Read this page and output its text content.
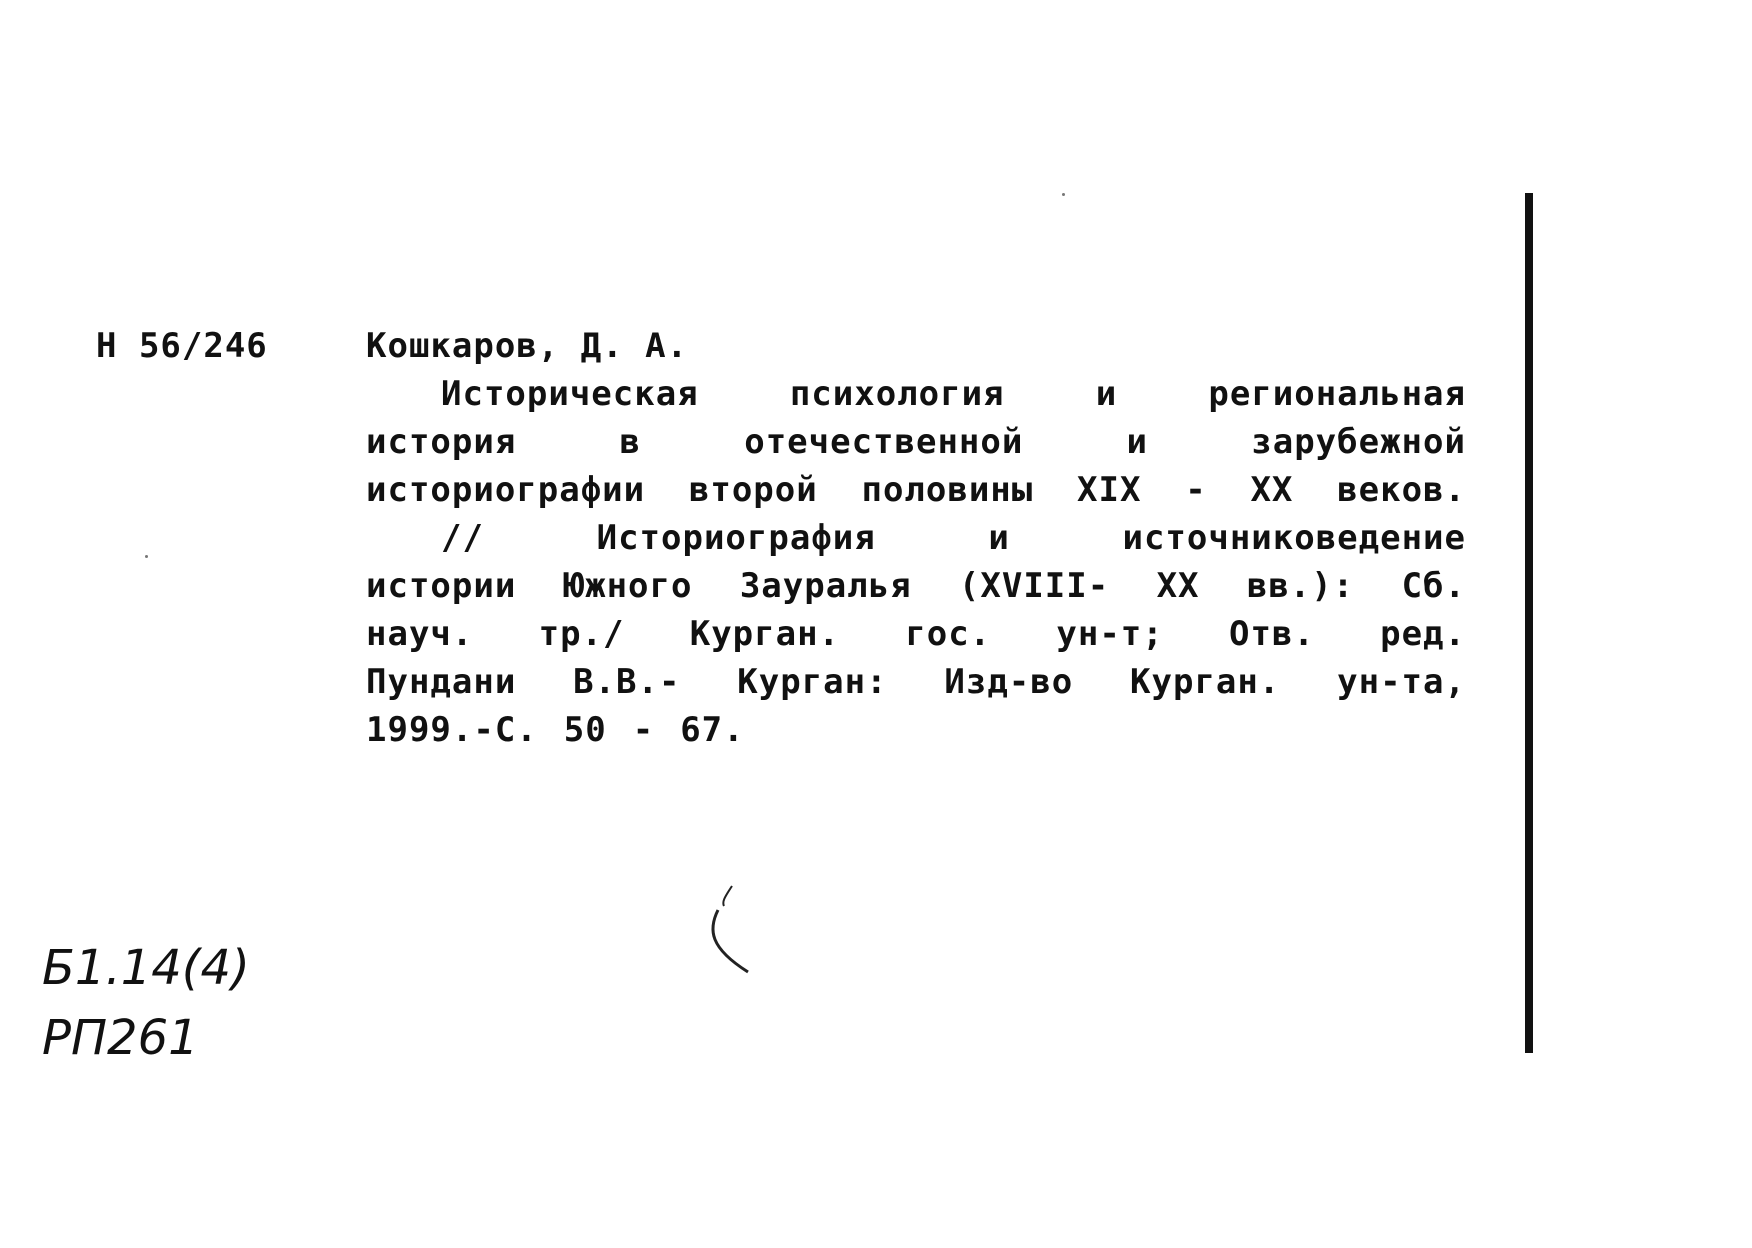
H 56/246	Кошкаров, Д. А.
Историческая	психология	и	региональная
история	в	отечественной	и	зарубежной
историографии второй половины XIX - XX веков.
//	Историография	и	источниковедение
истории Южного Зауралья (XVIII- XX вв.): Сб.
науч. тр./ Курган. гос. ун-т; Отв. ред.
Пундани В.В.- Курган: Изд-во Курган. ун-та,
1999.-С. 50 - 67.
Б1.14(4)
РП261
